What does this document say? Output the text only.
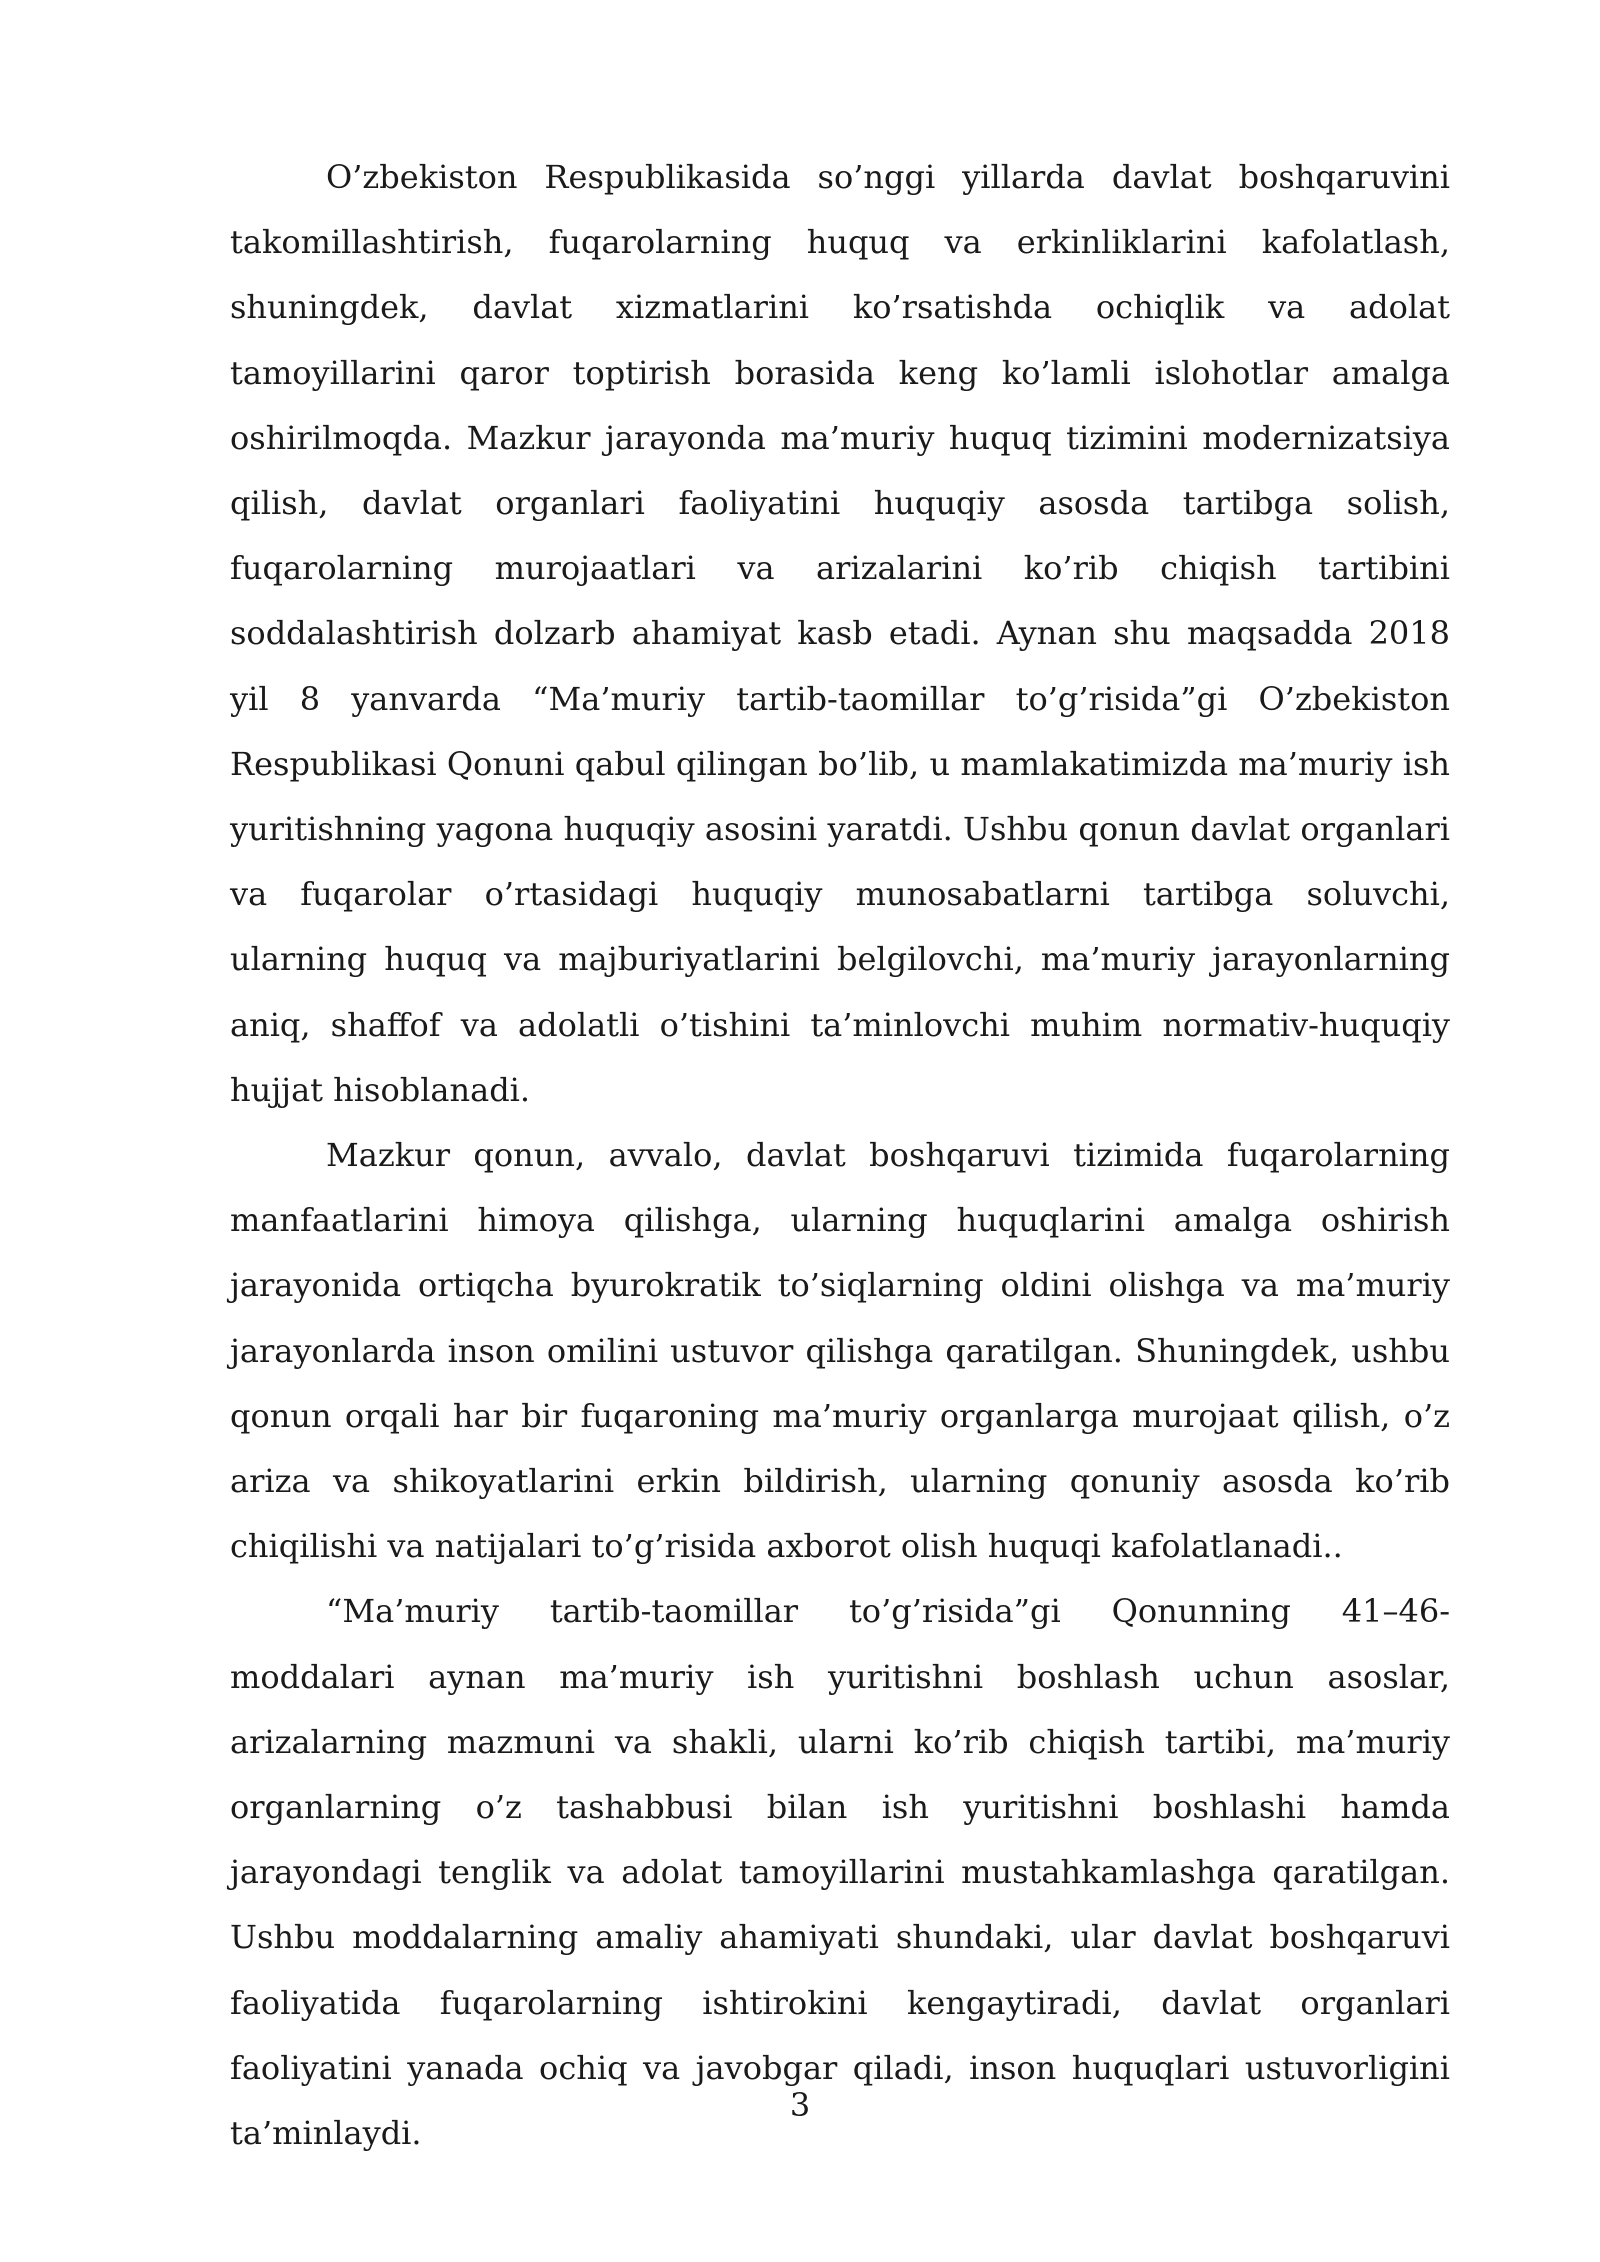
O’zbekiston Respublikasida so’nggi yillarda davlat boshqaruvini takomillashtirish, fuqarolarning huquq va erkinliklarini kafolatlash, shuningdek, davlat xizmatlarini ko’rsatishda ochiqlik va adolat tamoyillarini qaror toptirish borasida keng ko’lamli islohotlar amalga oshirilmoqda. Mazkur jarayonda ma’muriy huquq tizimini modernizatsiya qilish, davlat organlari faoliyatini huquqiy asosda tartibga solish, fuqarolarning murojaatlari va arizalarini ko’rib chiqish tartibini soddalashtirish dolzarb ahamiyat kasb etadi. Aynan shu maqsadda 2018 yil 8 yanvarda “Ma’muriy tartib-taomillar to’g’risida”gi O’zbekiston Respublikasi Qonuni qabul qilingan bo’lib, u mamlakatimizda ma’muriy ish yuritishning yagona huquqiy asosini yaratdi. Ushbu qonun davlat organlari va fuqarolar o’rtasidagi huquqiy munosabatlarni tartibga soluvchi, ularning huquq va majburiyatlarini belgilovchi, ma’muriy jarayonlarning aniq, shaffof va adolatli o’tishini ta’minlovchi muhim normativ-huquqiy hujjat hisoblanadi.

Mazkur qonun, avvalo, davlat boshqaruvi tizimida fuqarolarning manfaatlarini himoya qilishga, ularning huquqlarini amalga oshirish jarayonida ortiqcha byurokratik to’siqlarning oldini olishga va ma’muriy jarayonlarda inson omilini ustuvor qilishga qaratilgan. Shuningdek, ushbu qonun orqali har bir fuqaroning ma’muriy organlarga murojaat qilish, o’z ariza va shikoyatlarini erkin bildirish, ularning qonuniy asosda ko’rib chiqilishi va natijalari to’g’risida axborot olish huquqi kafolatlanadi..

“Ma’muriy tartib-taomillar to’g’risida”gi Qonunning 41–46-moddalari aynan ma’muriy ish yuritishni boshlash uchun asoslar, arizalarning mazmuni va shakli, ularni ko’rib chiqish tartibi, ma’muriy organlarning o’z tashabbusi bilan ish yuritishni boshlashi hamda jarayondagi tenglik va adolat tamoyillarini mustahkamlashga qaratilgan. Ushbu moddalarning amaliy ahamiyati shundaki, ular davlat boshqaruvi faoliyatida fuqarolarning ishtirokini kengaytiradi, davlat organlari faoliyatini yanada ochiq va javobgar qiladi, inson huquqlari ustuvorligini ta’minlaydi.

3
